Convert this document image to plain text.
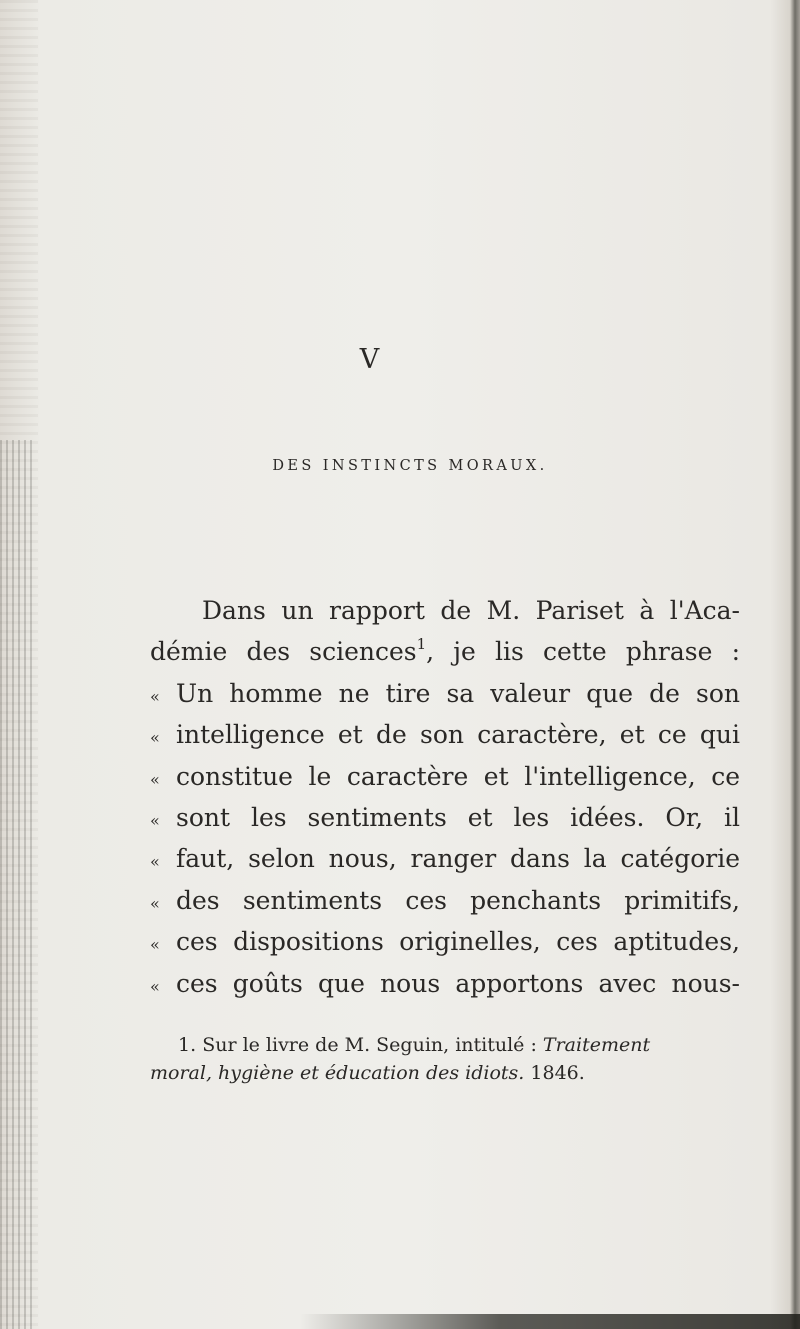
V
DES INSTINCTS MORAUX.
Dans un rapport de M. Pariset à l'Aca-
démie des sciences$^1$, je lis cette phrase :
« Un homme ne tire sa valeur que de son
« intelligence et de son caractère, et ce qui
« constitue le caractère et l'intelligence, ce
« sont les sentiments et les idées. Or, il
« faut, selon nous, ranger dans la catégorie
« des sentiments ces penchants primitifs,
« ces dispositions originelles, ces aptitudes,
« ces goûts que nous apportons avec nous-
1. Sur le livre de M. Seguin, intitulé : Traitement
moral, hygiène et éducation des idiots. 1846.
